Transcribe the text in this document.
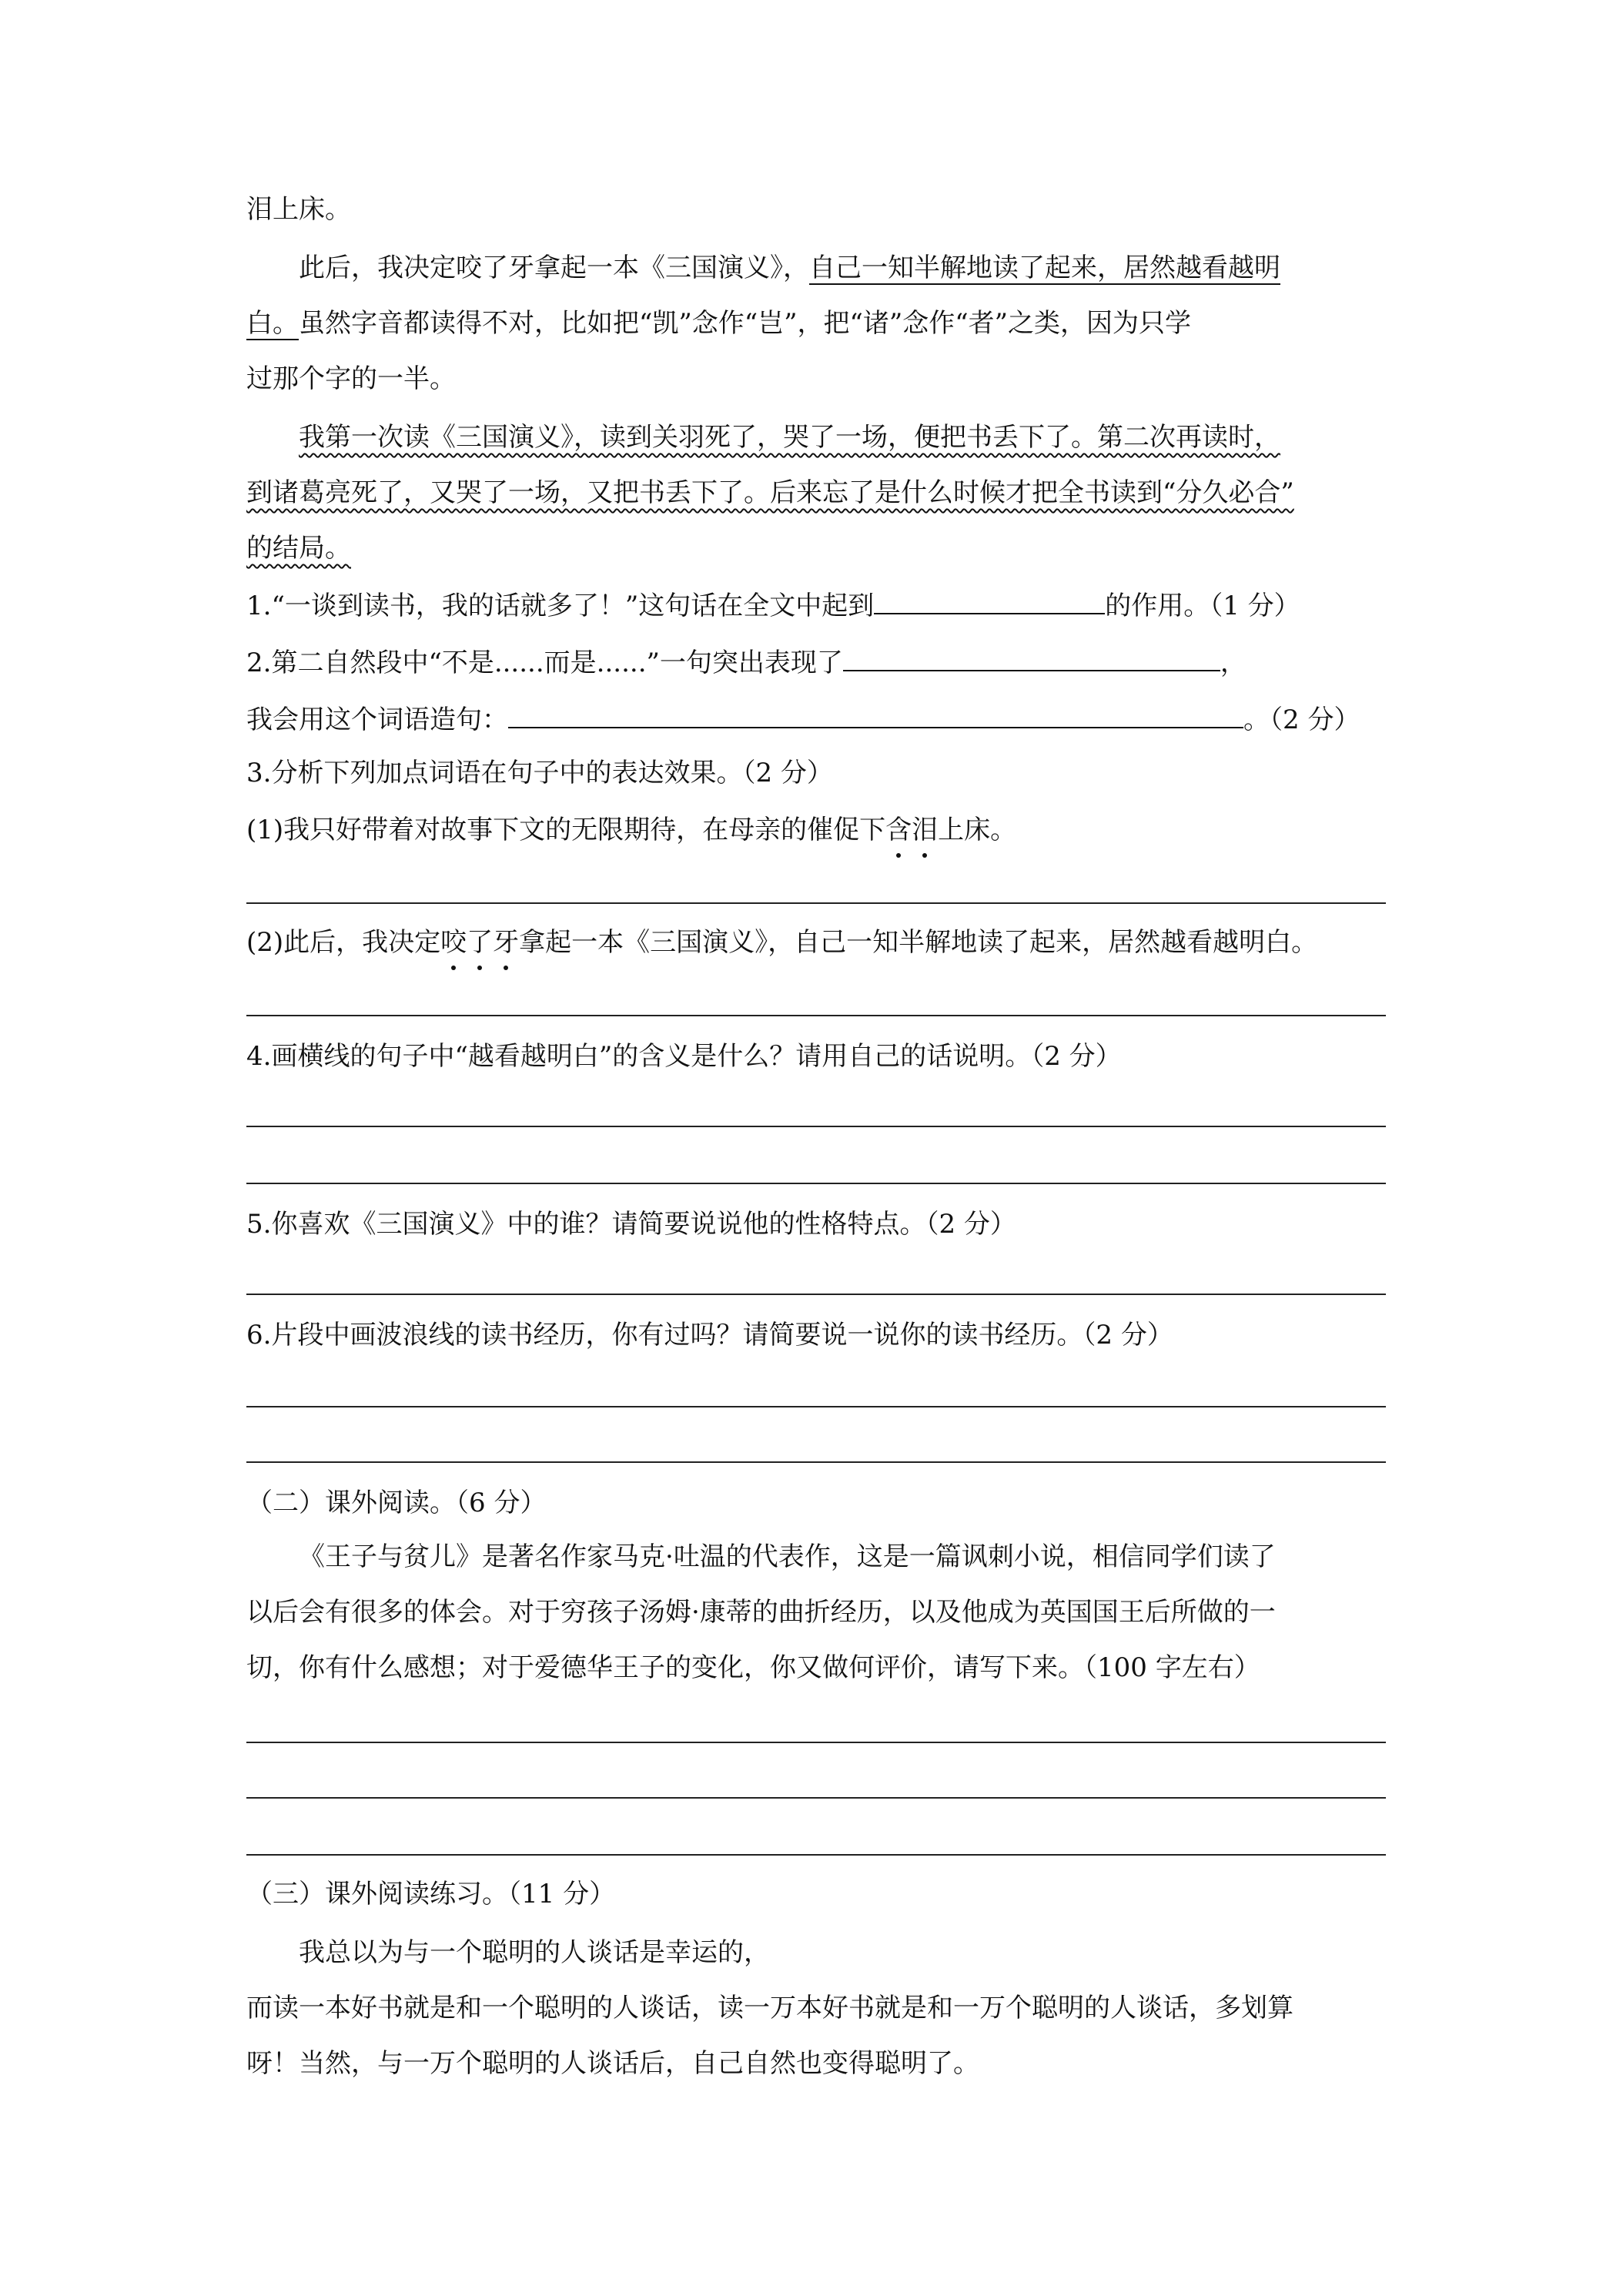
泪上床。
此后，我决定咬了牙拿起一本《三国演义》，自己一知半解地读了起来，居然越看越明
白。虽然字音都读得不对，比如把“凯”念作“岂”，把“诸”念作“者”之类，因为只学
过那个字的一半。
我第一次读《三国演义》，读到关羽死了，哭了一场，便把书丢下了。第二次再读时，
到诸葛亮死了，又哭了一场，又把书丢下了。后来忘了是什么时候才把全书读到“分久必合”
的结局。
1.“一谈到读书，我的话就多了！”这句话在全文中起到	的作用。（1 分）
2.第二自然段中“不是......而是......”一句突出表现了	，
我会用这个词语造句：	。（2 分）
3.分析下列加点词语在句子中的表达效果。（2 分）
(1)我只好带着对故事下文的无限期待，在母亲的催促下含泪上床。
(2)此后，我决定咬了牙拿起一本《三国演义》，自己一知半解地读了起来，居然越看越明白。
4.画横线的句子中“越看越明白”的含义是什么？请用自己的话说明。（2 分）
5.你喜欢《三国演义》中的谁？请简要说说他的性格特点。（2 分）
6.片段中画波浪线的读书经历，你有过吗？请简要说一说你的读书经历。（2 分）
（二）课外阅读。（6 分）
《王子与贫儿》是著名作家马克·吐温的代表作，这是一篇讽刺小说，相信同学们读了
以后会有很多的体会。对于穷孩子汤姆·康蒂的曲折经历，以及他成为英国国王后所做的一
切，你有什么感想；对于爱德华王子的变化，你又做何评价，请写下来。（100 字左右）
（三）课外阅读练习。（11 分）
我总以为与一个聪明的人谈话是幸运的，
而读一本好书就是和一个聪明的人谈话，读一万本好书就是和一万个聪明的人谈话，多划算
呀！当然，与一万个聪明的人谈话后，自己自然也变得聪明了。
